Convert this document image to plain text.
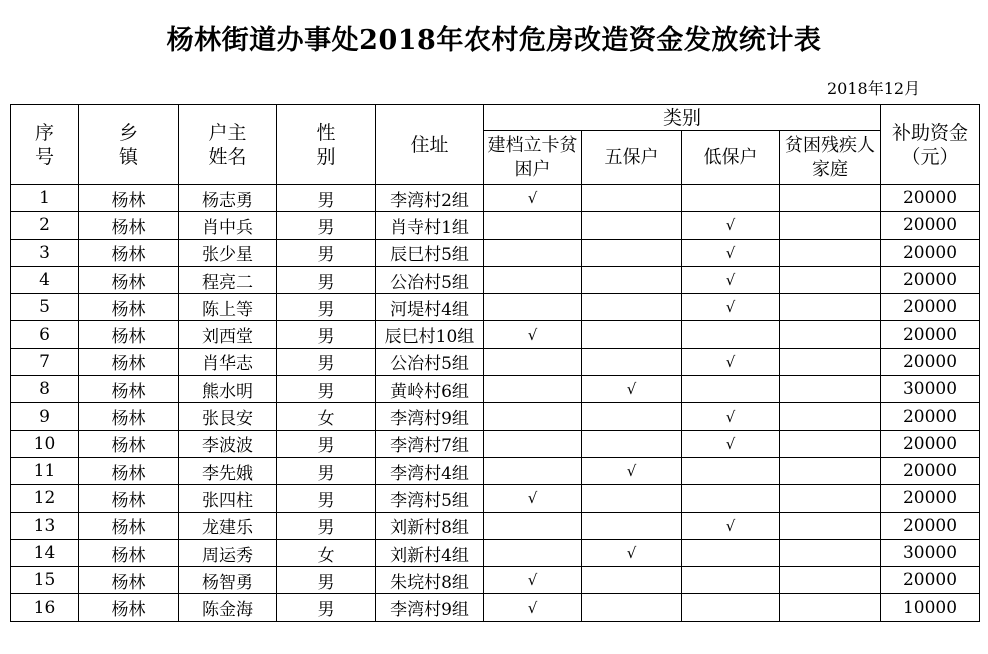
杨林街道办事处2018年农村危房改造资金发放统计表
2018年12月
序号	乡镇	户主姓名	性别	住址	类别				补助资金（元）

					建档立卡贫困户	五保户	低保户	贫困残疾人家庭	

1	杨林	杨志勇	男	李湾村2组	√				20000
2	杨林	肖中兵	男	肖寺村1组			√		20000
3	杨林	张少星	男	辰巳村5组			√		20000
4	杨林	程亮二	男	公冶村5组			√		20000
5	杨林	陈上等	男	河堤村4组			√		20000
6	杨林	刘西堂	男	辰巳村10组	√				20000
7	杨林	肖华志	男	公冶村5组			√		20000
8	杨林	熊水明	男	黄岭村6组		√			30000
9	杨林	张艮安	女	李湾村9组			√		20000
10	杨林	李波波	男	李湾村7组			√		20000
11	杨林	李先娥	男	李湾村4组		√			20000
12	杨林	张四柱	男	李湾村5组	√				20000
13	杨林	龙建乐	男	刘新村8组			√		20000
14	杨林	周运秀	女	刘新村4组		√			30000
15	杨林	杨智勇	男	朱垸村8组	√				20000
16	杨林	陈金海	男	李湾村9组	√				10000
